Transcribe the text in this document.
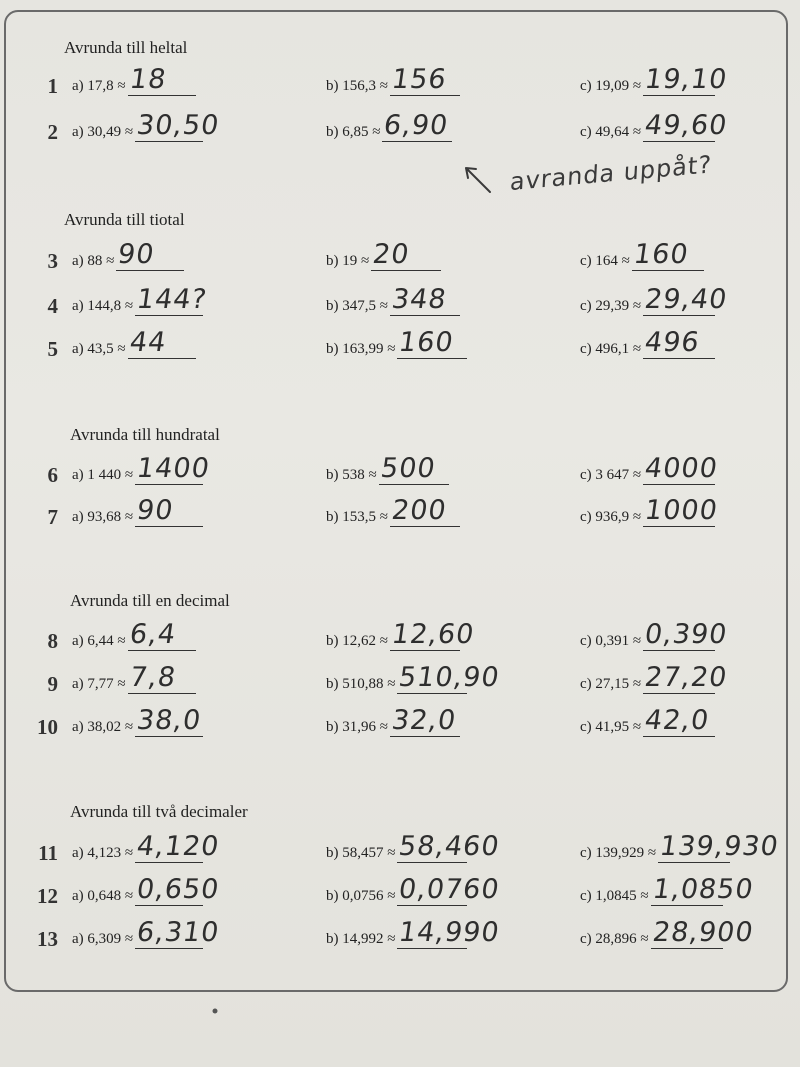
Avrunda till heltal
1 a) 17,8 ≈ 18	b) 156,3 ≈ 156	c) 19,09 ≈ 19,10
2 a) 30,49 ≈ 30,50	b) 6,85 ≈ 6,90	c) 49,64 ≈ 49,60
Avrunda till tiotal
3 a) 88 ≈ 90	b) 19 ≈ 20	c) 164 ≈ 160
4 a) 144,8 ≈ 144?	b) 347,5 ≈ 348	c) 29,39 ≈ 29,40
5 a) 43,5 ≈ 44	b) 163,99 ≈ 160	c) 496,1 ≈ 496
Avrunda till hundratal
6 a) 1 440 ≈ 1400	b) 538 ≈ 500	c) 3 647 ≈ 4000
7 a) 93,68 ≈ 90	b) 153,5 ≈ 200	c) 936,9 ≈ 1000
Avrunda till en decimal
8 a) 6,44 ≈ 6,4	b) 12,62 ≈ 12,60	c) 0,391 ≈ 0,390
9 a) 7,77 ≈ 7,8	b) 510,88 ≈ 510,90	c) 27,15 ≈ 27,20
10 a) 38,02 ≈ 38,0	b) 31,96 ≈ 32,0	c) 41,95 ≈ 42,0
Avrunda till två decimaler
11 a) 4,123 ≈ 4,120	b) 58,457 ≈ 58,460	c) 139,929 ≈ 139,930
12 a) 0,648 ≈ 0,650	b) 0,0756 ≈ 0,0760	c) 1,0845 ≈ 1,0850
13 a) 6,309 ≈ 6,310	b) 14,992 ≈ 14,990	c) 28,896 ≈ 28,900
avranda uppåt?
